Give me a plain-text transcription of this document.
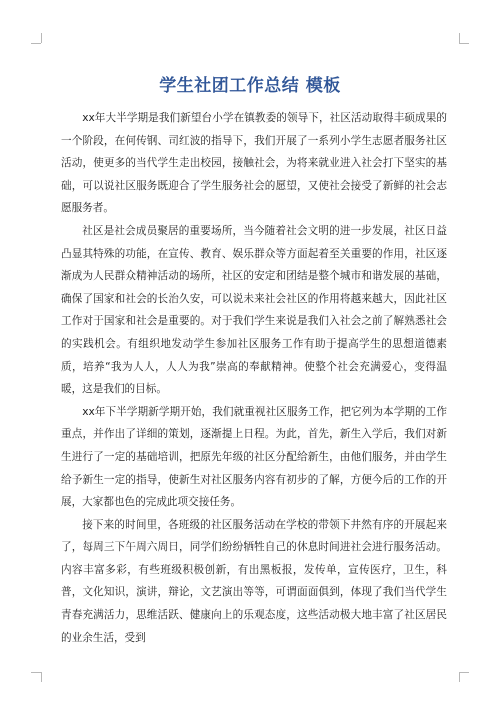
学生社团工作总结 模板

xx年大半学期是我们新望台小学在镇教委的领导下，社区活动取得丰硕成果的一个阶段，在何传钢、司红波的指导下，我们开展了一系列小学生志愿者服务社区活动，使更多的当代学生走出校园，接触社会，为将来就业进入社会打下坚实的基础，可以说社区服务既迎合了学生服务社会的愿望，又使社会接受了新鲜的社会志愿服务者。

社区是社会成员聚居的重要场所，当今随着社会文明的进一步发展，社区日益凸显其特殊的功能，在宣传、教育、娱乐群众等方面起着至关重要的作用，社区逐渐成为人民群众精神活动的场所，社区的安定和团结是整个城市和谐发展的基础，确保了国家和社会的长治久安，可以说未来社会社区的作用将越来越大，因此社区工作对于国家和社会是重要的。对于我们学生来说是我们入社会之前了解熟悉社会的实践机会。有组织地发动学生参加社区服务工作有助于提高学生的思想道德素质，培养“我为人人，人人为我”崇高的奉献精神。使整个社会充满爱心，变得温暖，这是我们的目标。

xx年下半学期新学期开始，我们就重视社区服务工作，把它列为本学期的工作重点，并作出了详细的策划，逐渐提上日程。为此，首先，新生入学后，我们对新生进行了一定的基础培训，把原先年级的社区分配给新生，由他们服务，并由学生给予新生一定的指导，使新生对社区服务内容有初步的了解，方便今后的工作的开展，大家都也色的完成此项交接任务。

接下来的时间里，各班级的社区服务活动在学校的带领下井然有序的开展起来了，每周三下午周六周日，同学们纷纷牺牲自己的休息时间进社会进行服务活动。内容丰富多彩，有些班级积极创新，有出黑板报，发传单，宣传医疗，卫生，科普，文化知识，演讲，辩论，文艺演出等等，可谓面面俱到，体现了我们当代学生青春充满活力，思维活跃、健康向上的乐观态度，这些活动极大地丰富了社区居民的业余生活，受到
